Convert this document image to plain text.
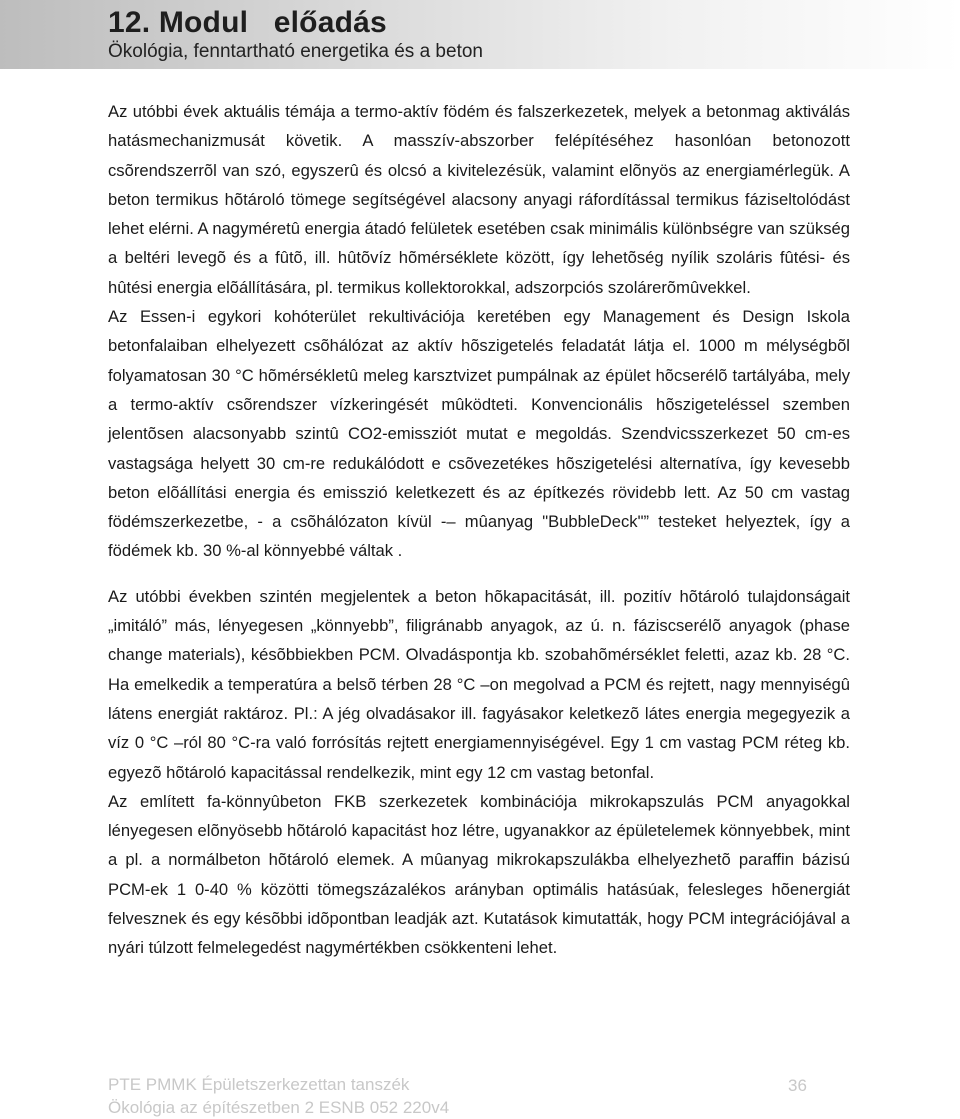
12. Modul   előadás
Ökológia, fenntartható energetika és a beton

Az utóbbi évek aktuális témája a termo-aktív födém és falszerkezetek, melyek a betonmag aktiválás hatásmechanizmusát követik. A masszív-abszorber felépítéséhez hasonlóan betonozott csõrendszerrõl van szó, egyszerû és olcsó a kivitelezésük, valamint elõnyös az energiamérlegük. A beton termikus hõtároló tömege segítségével alacsony anyagi ráfordítással termikus fáziseltolódást lehet elérni. A nagyméretû energia átadó felületek esetében csak minimális különbségre van szükség a beltéri levegõ és a fûtõ, ill. hûtõvíz hõmérséklete között, így lehetõség nyílik szoláris fûtési- és hûtési energia elõállítására, pl. termikus kollektorokkal, adszorpciós szolárerõmûvekkel.

Az Essen-i egykori kohóterület rekultivációja keretében egy Management és Design Iskola betonfalaiban elhelyezett csõhálózat az aktív hõszigetelés feladatát látja el. 1000 m mélységbõl folyamatosan 30 °C hõmérsékletû meleg karsztvizet pumpálnak az épület hõcserélõ tartályába, mely a termo-aktív csõrendszer vízkeringését mûködteti. Konvencionális hõszigeteléssel szemben jelentõsen alacsonyabb szintû CO2-emissziót mutat e megoldás. Szendvicsszerkezet 50 cm-es vastagsága helyett 30 cm-re redukálódott e csõvezetékes hõszigetelési alternatíva, így kevesebb beton elõállítási energia és emisszió keletkezett és az építkezés rövidebb lett. Az 50 cm vastag födémszerkezetbe, - a csõhálózaton kívül -– mûanyag "BubbleDeck"” testeket helyeztek, így a födémek kb. 30 %-al könnyebbé váltak .

Az utóbbi években szintén megjelentek a beton hõkapacitását, ill. pozitív hõtároló tulajdonságait „imitáló” más, lényegesen „könnyebb”, filigránabb anyagok, az ú. n. fáziscserélõ anyagok (phase change materials), késõbbiekben PCM. Olvadáspontja kb. szobahõmérséklet feletti, azaz kb. 28 °C. Ha emelkedik a temperatúra a belsõ térben 28 °C –on megolvad a PCM és rejtett, nagy mennyiségû látens energiát raktároz. Pl.: A jég olvadásakor ill. fagyásakor keletkezõ látes energia megegyezik a víz 0 °C –ról 80 °C-ra való forrósítás rejtett energiamennyiségével. Egy 1 cm vastag PCM réteg kb. egyezõ hõtároló kapacitással rendelkezik, mint egy 12 cm vastag betonfal.

Az említett fa-könnyûbeton FKB szerkezetek kombinációja mikrokapszulás PCM anyagokkal lényegesen elõnyösebb hõtároló kapacitást hoz létre, ugyanakkor az épületelemek könnyebbek, mint a pl. a normálbeton hõtároló elemek. A mûanyag mikrokapszulákba elhelyezhetõ paraffin bázisú PCM-ek 1 0-40 % közötti tömegszázalékos arányban optimális hatásúak, felesleges hõenergiát felvesznek és egy késõbbi idõpontban leadják azt. Kutatások kimutatták, hogy PCM integrációjával a nyári túlzott felmelegedést nagymértékben csökkenteni lehet.

PTE PMMK Épületszerkezettan tanszék
Ökológia az építészetben 2 ESNB 052 220v4
36
